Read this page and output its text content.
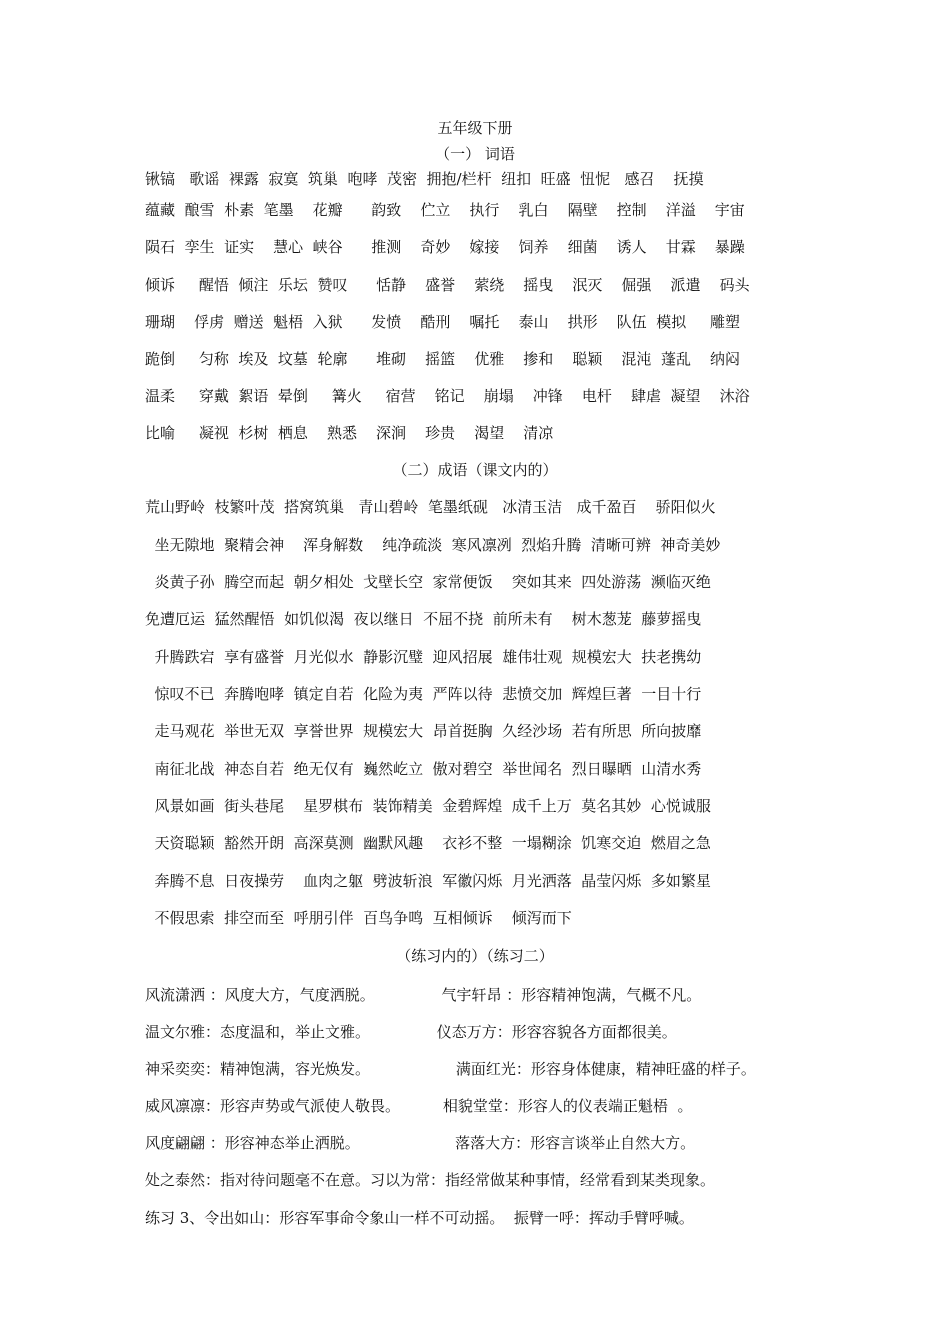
五年级下册
（一） 词语
锹镐   歌谣  裸露  寂寞  筑巢  咆哮  茂密  拥抱/栏杆  纽扣  旺盛  忸怩   感召    抚摸
蕴藏  酿雪  朴素  笔墨    花瓣      韵致    伫立    执行    乳白    隔壁    控制    洋溢    宇宙
陨石  孪生  证实    慧心  峡谷      推测    奇妙    嫁接    饲养    细菌    诱人    甘霖    暴躁
倾诉     醒悟  倾注  乐坛  赞叹      恬静    盛誉    萦绕    摇曳    泯灭    倔强    派遣    码头
珊瑚    俘虏  赠送  魁梧  入狱      发愤    酷刑    嘱托    泰山    拱形    队伍  模拟     雕塑
跪倒     匀称  埃及  坟墓  轮廓      堆砌    摇篮    优雅    掺和    聪颖    混沌  蓬乱    纳闷
温柔     穿戴  絮语  晕倒     篝火     宿营    铭记    崩塌    冲锋    电杆    肆虐  凝望    沐浴
比喻     凝视  杉树  栖息    熟悉    深涧    珍贵    渴望    清凉
（二）成语（课文内的）
荒山野岭  枝繁叶茂  搭窝筑巢   青山碧岭  笔墨纸砚   冰清玉洁   成千盈百    骄阳似火
坐无隙地  聚精会神    浑身解数    纯净疏淡  寒风凛冽  烈焰升腾  清晰可辨  神奇美妙
炎黄子孙  腾空而起  朝夕相处  戈壁长空  家常便饭    突如其来  四处游荡  濒临灭绝
免遭厄运  猛然醒悟  如饥似渴  夜以继日  不屈不挠  前所未有    树木葱茏  藤萝摇曳
升腾跌宕  享有盛誉  月光似水  静影沉璧  迎风招展  雄伟壮观  规模宏大  扶老携幼
惊叹不已  奔腾咆哮  镇定自若  化险为夷  严阵以待  悲愤交加  辉煌巨著  一目十行
走马观花  举世无双  享誉世界  规模宏大  昂首挺胸  久经沙场  若有所思  所向披靡
南征北战  神态自若  绝无仅有  巍然屹立  傲对碧空  举世闻名  烈日曝晒  山清水秀
风景如画  街头巷尾    星罗棋布  装饰精美  金碧辉煌  成千上万  莫名其妙  心悦诚服
天资聪颖  豁然开朗  高深莫测  幽默风趣    衣衫不整  一塌糊涂  饥寒交迫  燃眉之急
奔腾不息  日夜操劳    血肉之躯  劈波斩浪  军徽闪烁  月光洒落  晶莹闪烁  多如繁星
不假思索  排空而至  呼朋引伴  百鸟争鸣  互相倾诉    倾泻而下
（练习内的）（练习二）
风流潇洒 ：风度大方，气度洒脱。              气宇轩昂 ：形容精神饱满，气概不凡。
温文尔雅：态度温和，举止文雅。              仪态万方：形容容貌各方面都很美。
神采奕奕：精神饱满，容光焕发。                  满面红光：形容身体健康，精神旺盛的样子。
威风凛凛：形容声势或气派使人敬畏。         相貌堂堂：形容人的仪表端正魁梧  。
风度翩翩 ：形容神态举止洒脱。                    落落大方：形容言谈举止自然大方。
处之泰然：指对待问题毫不在意。习以为常：指经常做某种事情，经常看到某类现象。
练习 3、令出如山：形容军事命令象山一样不可动摇。  振臂一呼：挥动手臂呼喊。
